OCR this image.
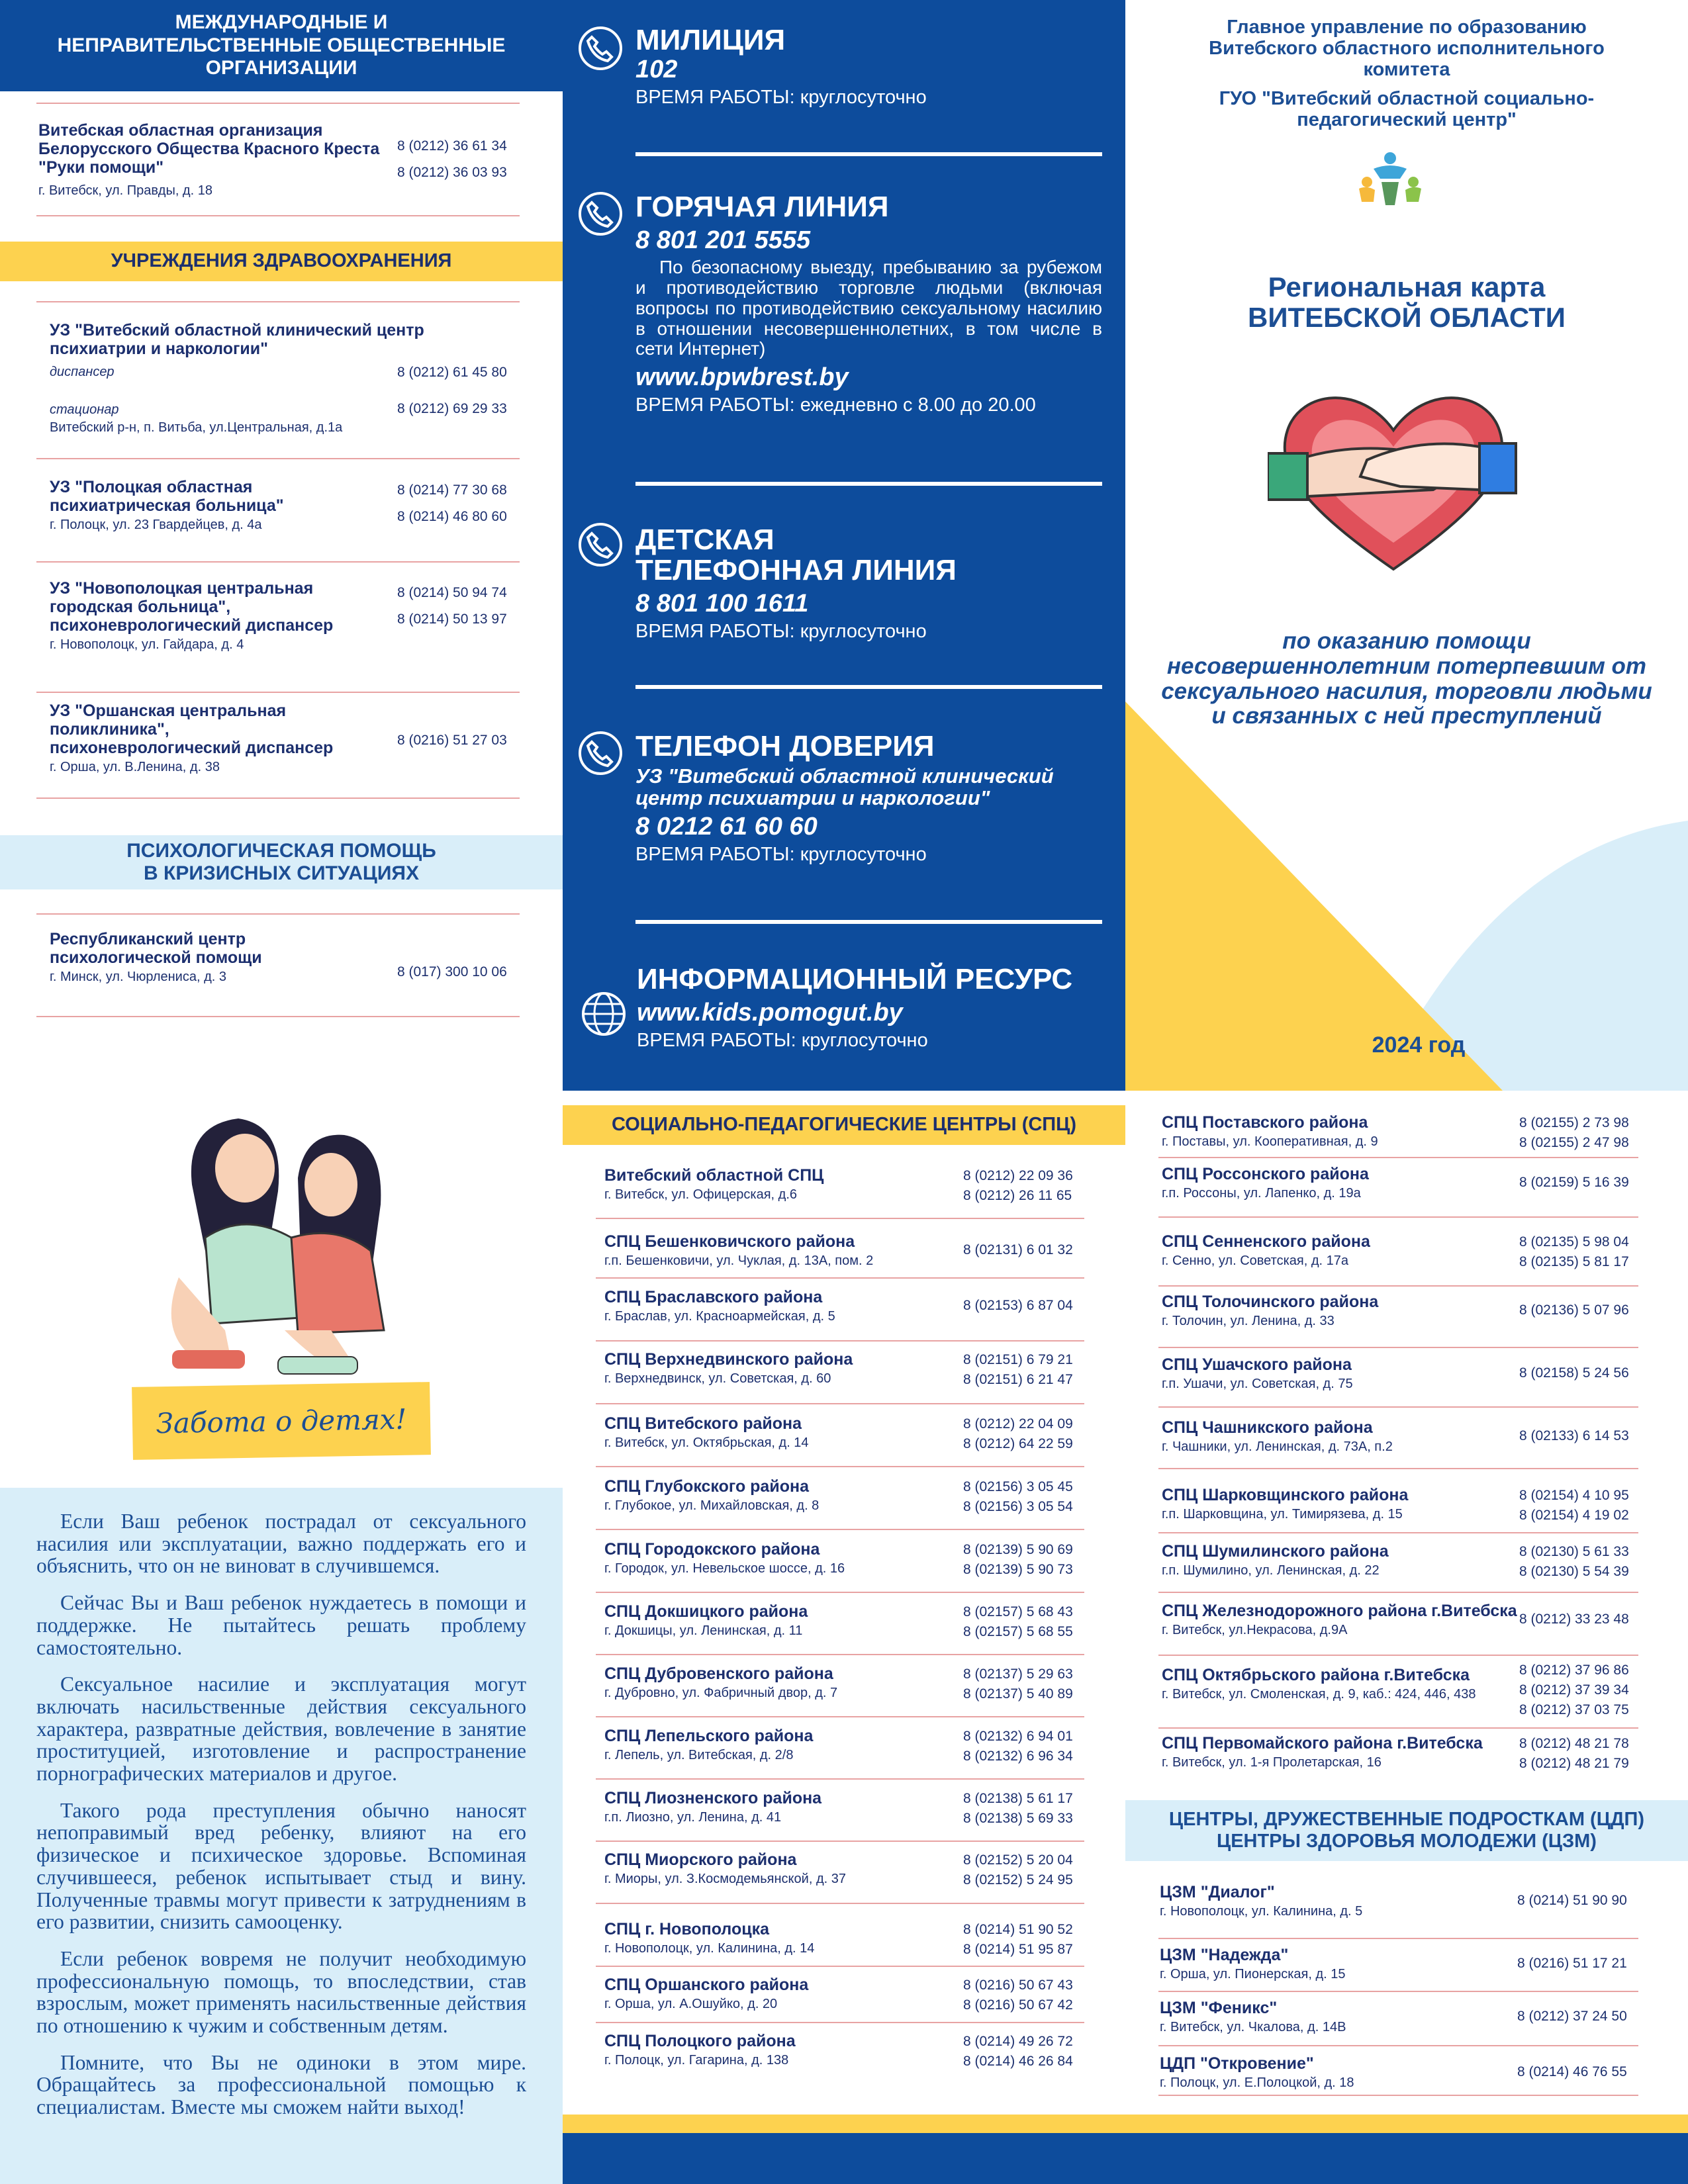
Главное управление по образованию Витебского областного исполнительного комитета
ГУО "Витебский областной социально-педагогический центр"
Региональная карта
ВИТЕБСКОЙ ОБЛАСТИ
по оказанию помощи несовершеннолетним потерпевшим от сексуального насилия, торговли людьми и связанных с ней преступлений
2024 год
МЕЖДУНАРОДНЫЕ И НЕПРАВИТЕЛЬСТВЕННЫЕ ОБЩЕСТВЕННЫЕ ОРГАНИЗАЦИИ
Витебская областная организация Белорусского Общества Красного Креста "Руки помощи"
г. Витебск, ул. Правды, д. 18
8 (0212) 36 61 34
8 (0212) 36 03 93
УЧРЕЖДЕНИЯ ЗДРАВООХРАНЕНИЯ
УЗ "Витебский областной клинический центр психиатрии и наркологии"
диспансер
стационар
Витебский р-н, п. Витьба, ул.Центральная, д.1а
8 (0212) 61 45 80
8 (0212) 69 29 33
УЗ "Полоцкая областная психиатрическая больница"
г. Полоцк, ул. 23 Гвардейцев, д. 4а
8 (0214) 77 30 68
8 (0214) 46 80 60
УЗ "Новополоцкая центральная городская больница", психоневрологический диспансер
г. Новополоцк, ул. Гайдара, д. 4
8 (0214) 50 94 74
8 (0214) 50 13 97
УЗ "Оршанская центральная поликлиника", психоневрологический диспансер
г. Орша, ул. В.Ленина, д. 38
8 (0216) 51 27 03
ПСИХОЛОГИЧЕСКАЯ ПОМОЩЬ
В КРИЗИСНЫХ СИТУАЦИЯХ
Республиканский центр психологической помощи
г. Минск, ул. Чюрлениса, д. 3	8 (017) 300 10 06
МИЛИЦИЯ
102
ВРЕМЯ РАБОТЫ: круглосуточно
ГОРЯЧАЯ ЛИНИЯ
8 801 201 5555
По безопасному выезду, пребыванию за рубежом и противодействию торговле людьми (включая вопросы по противодействию сексуальному насилию в отношении несовершеннолетних, в том числе в сети Интернет)
www.bpwbrest.by
ВРЕМЯ РАБОТЫ: ежедневно с 8.00 до 20.00
ДЕТСКАЯ
ТЕЛЕФОННАЯ ЛИНИЯ
8 801 100 1611
ВРЕМЯ РАБОТЫ: круглосуточно
ТЕЛЕФОН ДОВЕРИЯ
УЗ "Витебский областной клинический центр психиатрии и наркологии"
8 0212 61 60 60
ВРЕМЯ РАБОТЫ: круглосуточно
ИНФОРМАЦИОННЫЙ РЕСУРС
www.kids.pomogut.by
ВРЕМЯ РАБОТЫ: круглосуточно
Забота о детях!

Если Ваш ребенок пострадал от сексуального насилия или эксплуатации, важно поддержать его и объяснить, что он не виноват в случившемся.

Сейчас Вы и Ваш ребенок нуждаетесь в помощи и поддержке. Не пытайтесь решать проблему самостоятельно.

Сексуальное насилие и эксплуатация могут включать насильственные действия сексуального характера, развратные действия, вовлечение в занятие проституцией, изготовление и распространение порнографических материалов и другое.

Такого рода преступления обычно наносят непоправимый вред ребенку, влияют на его физическое и психическое здоровье. Вспоминая случившееся, ребенок испытывает стыд и вину. Полученные травмы могут привести к затруднениям в его развитии, снизить самооценку.

Если ребенок вовремя не получит необходимую профессиональную помощь, то впоследствии, став взрослым, может применять насильственные действия по отношению к чужим и собственным детям.

Помните, что Вы не одиноки в этом мире. Обращайтесь за профессиональной помощью к специалистам. Вместе мы сможем найти выход!

СОЦИАЛЬНО-ПЕДАГОГИЧЕСКИЕ ЦЕНТРЫ (СПЦ)
Витебский областной СПЦ
г. Витебск, ул. Офицерская, д.6
8 (0212) 22 09 36
8 (0212) 26 11 65
СПЦ Бешенковичского района
г.п. Бешенковичи, ул. Чуклая, д. 13А, пом. 2
8 (02131) 6 01 32
СПЦ Браславского района
г. Браслав, ул. Красноармейская, д. 5
8 (02153) 6 87 04
СПЦ Верхнедвинского района
г. Верхнедвинск, ул. Советская, д. 60
8 (02151) 6 79 21
8 (02151) 6 21 47
СПЦ Витебского района
г. Витебск, ул. Октябрьская, д. 14
8 (0212) 22 04 09
8 (0212) 64 22 59
СПЦ Глубокского района
г. Глубокое, ул. Михайловская, д. 8
8 (02156) 3 05 45
8 (02156) 3 05 54
СПЦ Городокского района
г. Городок, ул. Невельское шоссе, д. 16
8 (02139) 5 90 69
8 (02139) 5 90 73
СПЦ Докшицкого района
г. Докшицы, ул. Ленинская, д. 11
8 (02157) 5 68 43
8 (02157) 5 68 55
СПЦ Дубровенского района
г. Дубровно, ул. Фабричный двор, д. 7
8 (02137) 5 29 63
8 (02137) 5 40 89
СПЦ Лепельского района
г. Лепель, ул. Витебская, д. 2/8
8 (02132) 6 94 01
8 (02132) 6 96 34
СПЦ Лиозненского района
г.п. Лиозно, ул. Ленина, д. 41
8 (02138) 5 61 17
8 (02138) 5 69 33
СПЦ Миорского района
г. Миоры, ул. З.Космодемьянской, д. 37
8 (02152) 5 20 04
8 (02152) 5 24 95
СПЦ г. Новополоцка
г. Новополоцк, ул. Калинина, д. 14
8 (0214) 51 90 52
8 (0214) 51 95 87
СПЦ Оршанского района
г. Орша, ул. А.Ошуйко, д. 20
8 (0216) 50 67 43
8 (0216) 50 67 42
СПЦ Полоцкого района
г. Полоцк, ул. Гагарина, д. 138
8 (0214) 49 26 72
8 (0214) 46 26 84
СПЦ Поставского района
г. Поставы, ул. Кооперативная, д. 9
8 (02155) 2 73 98
8 (02155) 2 47 98
СПЦ Россонского района
г.п. Россоны, ул. Лапенко, д. 19а
8 (02159) 5 16 39
СПЦ Сенненского района
г. Сенно, ул. Советская, д. 17а
8 (02135) 5 98 04
8 (02135) 5 81 17
СПЦ Толочинского района
г. Толочин, ул. Ленина, д. 33
8 (02136) 5 07 96
СПЦ Ушачского района
г.п. Ушачи, ул. Советская, д. 75
8 (02158) 5 24 56
СПЦ Чашникского района
г. Чашники, ул. Ленинская, д. 73А, п.2
8 (02133) 6 14 53
СПЦ Шарковщинского района
г.п. Шарковщина, ул. Тимирязева, д. 15
8 (02154) 4 10 95
8 (02154) 4 19 02
СПЦ Шумилинского района
г.п. Шумилино, ул. Ленинская, д. 22
8 (02130) 5 61 33
8 (02130) 5 54 39
СПЦ Железнодорожного района г.Витебска
г. Витебск, ул.Некрасова, д.9А
8 (0212) 33 23 48
СПЦ Октябрьского района г.Витебска
г. Витебск, ул. Смоленская, д. 9, каб.: 424, 446, 438
8 (0212) 37 96 86
8 (0212) 37 39 34
8 (0212) 37 03 75
СПЦ Первомайского района г.Витебска
г. Витебск, ул. 1-я Пролетарская, 16
8 (0212) 48 21 78
8 (0212) 48 21 79
ЦЕНТРЫ, ДРУЖЕСТВЕННЫЕ ПОДРОСТКАМ (ЦДП)
ЦЕНТРЫ ЗДОРОВЬЯ МОЛОДЕЖИ (ЦЗМ)
ЦЗМ "Диалог"
г. Новополоцк, ул. Калинина, д. 5
8 (0214) 51 90 90
ЦЗМ "Надежда"
г. Орша, ул. Пионерская, д. 15
8 (0216) 51 17 21
ЦЗМ "Феникс"
г. Витебск, ул. Чкалова, д. 14В
8 (0212) 37 24 50
ЦДП "Откровение"
г. Полоцк, ул. Е.Полоцкой, д. 18
8 (0214) 46 76 55
